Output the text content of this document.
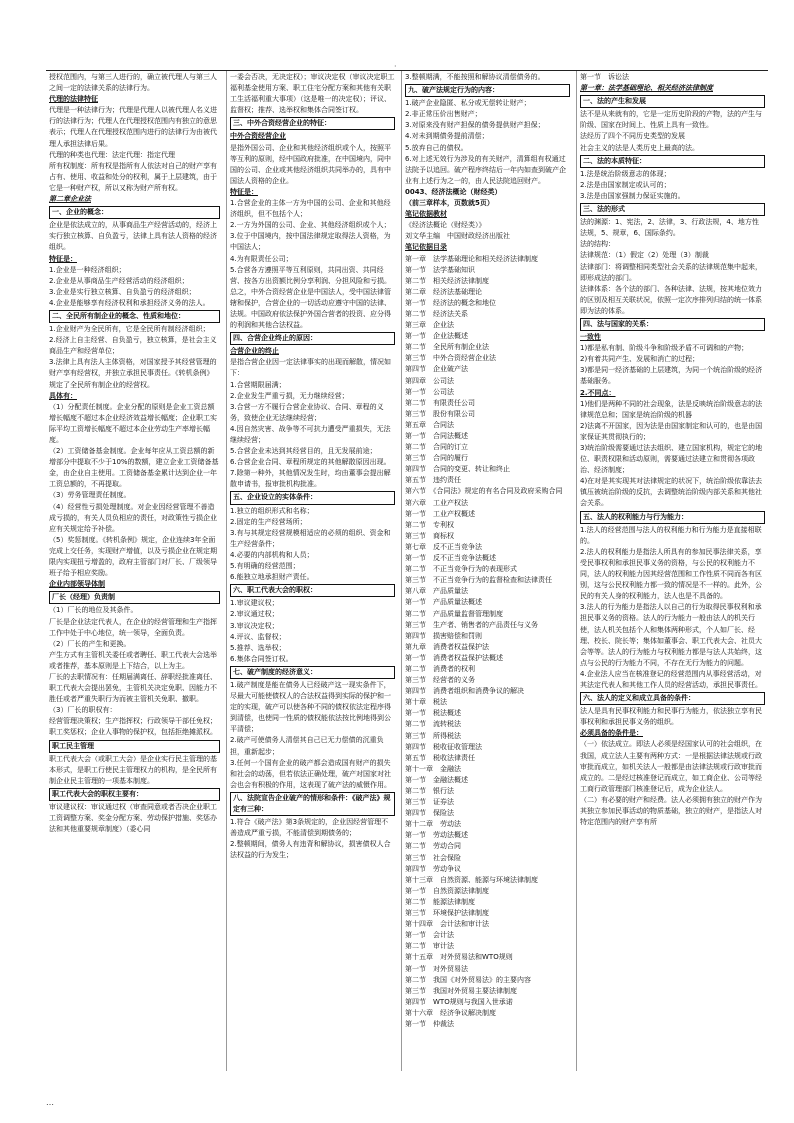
·

授权范围内，与第三人进行的，确立被代理人与第三人之间一定的法律关系的法律行为。

代理的法律特征

代理是一种法律行为；代理是代理人以被代理人名义进行的法律行为；代理人在代理授权范围内有独立的意思表示；代理人在代理授权范围内进行的法律行为由被代理人承担法律后果。

代理的种类也代理：法定代理：指定代理

所有权制度：所有权是指所有人依法对自己的财产享有占有、使用、收益和处分的权利，属于上层建筑，由于它是一种财产权，所以又称为财产所有权。

第二章企业法

一、企业的概念：

企业是依法成立的，从事商品生产经营活动的，经济上实行独立核算、自负盈亏，法律上具有法人资格的经济组织。

特征是：

1.企业是一种经济组织；

2.企业是从事商品生产经营活动的经济组织；

3.企业是实行独立核算、自负盈亏的经济组织；

4.企业是能够享有经济权利和承担经济义务的法人。

二、全民所有制企业的概念、性质和地位：

1.企业财产为全民所有，它是全民所有制经济组织；

2.经济上自主经营、自负盈亏，独立核算，是社会主义商品生产和经营单位；

3.法律上具有法人主体资格，对国家授予其经营管理的财产享有经营权，并独立承担民事责任。《转机条例》规定了全民所有制企业的经营权。

具体有：

（1）分配责任制度。企业分配的原则是企业工资总额增长幅度不超过本企业经济效益增长幅度；企业职工实际平均工资增长幅度不超过本企业劳动生产率增长幅度。

（2）工资储备基金制度。企业每年应从工资总额的新增部分中提取不少于10%的数额，建立企业工资储备基金，由企业自主使用。工资储备基金累计达到企业一年工资总额的，不再提取。

（3）劳务管理责任制度。

（4）经营性亏损处理制度。对企业因经营管理不善造成亏损的，有关人员负相应的责任，对政策性亏损企业应有关规定给予补偿。

（5）奖惩制度。《转机条例》规定，企业连续3年全面完成上交任务，实现财产增值，以及亏损企业在规定期限内实现扭亏增盈的，政府主管部门对厂长、厂级领导班子给予相应奖励。

企业内部领导体制

厂长（经理）负责制

（1）厂长的地位及其条件。

厂长是企业法定代表人，在企业的经营管理和生产指挥工作中处于中心地位，统一领导，全面负责。

（2）厂长的产生和更换。

产生方式有主管机关委任或者聘任、职工代表大会选举或者推荐，基本原则是上下结合，以上为主。

厂长的去职情况有：任期届满离任、辞职经批准离任、职工代表大会提出罢免，主管机关决定免职、因能力不胜任或者严重失职行为而被主管机关免职、撤职。

（3）厂长的职权有：

经营管理决策权；生产指挥权；行政领导干部任免权；职工奖惩权；企业人事物的保护权，包括拒绝摊派权。

职工民主管理

职工代表大会（或职工大会）是企业实行民主管理的基本形式，是职工行使民主管理权力的机构，是全民所有制企业民主管理的一项基本制度。

职工代表大会的职权主要有：

审议建议权：审议通过权（审查同意或者否决企业职工工资调整方案、奖金分配方案、劳动保护措施、奖惩办法和其他重要规章制度）（委心同

一委会否决，无决定权）；审议决定权（审议决定职工福利基金使用方案、职工住宅分配方案和其他有关职工生活福利重大事项）（这是唯一的决定权）；评议、监督权；推荐、选举权和集体合同签订权。

三、中外合资经营企业的特征：

中外合资经营企业

是指外国公司、企业和其他经济组织或个人，按照平等互利的原则，经中国政府批准，在中国境内，同中国的公司、企业或其他经济组织共同举办的，具有中国法人资格的企业。

特征是：

1.合营企业的主体一方为中国的公司、企业和其他经济组织，但不包括个人；

2.一方为外国的公司、企业、其他经济组织或个人；

3.位于中国境内，按中国法律规定取得法人资格，为中国法人；

4.为有限责任公司；

5.合营各方遵照平等互利原则，共同出资、共同经营、按各方出资额比例分享利润、分担风险和亏损。

总之，中外合资经营企业是中国法人，受中国法律管辖和保护，合营企业的一切活动应遵守中国的法律、法规。中国政府依法保护外国合营者的投资、应分得的利润和其他合法权益。

四、合营企业终止的原因：

合营企业的终止

是指合营企业因一定法律事实的出现而解散，情况如下：

1.合营期限届满；

2.企业发生严重亏损，无力继续经营；

3.合营一方不履行合营企业协议、合同、章程的义务，致使企业无法继续经营；

4.因自然灾害、战争等不可抗力遭受严重损失，无法继续经营；

5.合营企业未达到其经营目的，且无发展前途；

6.合营企业合同、章程所规定的其他解散原因出现。

7.除第一种外，其他情况发生时，均由董事会提出解散申请书，报审批机构批准。

五、企业设立的实体条件：

1.独立的组织形式和名称；

2.固定的生产经营场所；

3.有与其规定经营规模相适应的必须的组织、资金和生产经营条件；

4.必要的内部机构和人员；

5.有明确的经营范围；

6.能独立地承担财产责任。

六、职工代表大会的职权：

1.审议建议权；

2.审议通过权；

3.审议决定权；

4.评议、监督权；

5.推荐、选举权；

6.集体合同签订权。

七、破产制度的经济意义：

1.破产制度是能在债务人已经破产这一现实条件下，尽最大可能使债权人的合法权益得到实际的保护和一定的实现，破产可以使各种不同的债权依法定程序得到清偿，也使同一性质的债权能依法按比例地得到公平清偿；

2.破产可使债务人清偿其自己已无力偿债的沉重负担，重新起步；

3.任何一个国有企业的破产都会造成国有财产的损失和社会的动荡，但若依法正确处理，破产对国家对社会也会有积极的作用，这表现了破产法的威慑作用。

八、法院宣告企业破产的情形和条件：《破产法》规定有三种：

1.符合《破产法》第3条规定的，企业因经营管理不善造成严重亏损，不能清偿到期债务的；

2.整顿期间，债务人有违背和解协议，损害债权人合法权益的行为发生；

3.整顿期满，不能按照和解协议清偿债务的。

九、破产法规定行为的内容：

1.破产企业隐匿、私分或无偿转让财产；

2.非正常压价出售财产；

3.对原来没有财产担保的债务提供财产担保；

4.对未到期债务提前清偿；

5.放弃自己的债权。

6.对上述无效行为涉及的有关财产，清算组有权通过法院予以追回。破产程序终结后一年内如查到破产企业有上述行为之一的，由人民法院追回财产。

0043、经济法概论（财经类）

（前三章样本，页数就5页）

笔记依据教材

《经济法概论（财经类）》

刘文华主编　中国财政经济出版社

笔记依据目录

第一章　法学基础理论和相关经济法律制度

第一节　法学基础知识

第二节　相关经济法律制度

第二章　经济法基础理论

第一节　经济法的概念和地位

第二节　经济法关系

第三章　企业法

第一节　企业法概述

第二节　全民所有制企业法

第三节　中外合资经营企业法

第四节　企业破产法

第四章　公司法

第一节　公司法

第二节　有限责任公司

第三节　股份有限公司

第五章　合同法

第一节　合同法概述

第二节　合同的订立

第三节　合同的履行

第四节　合同的变更、转让和终止

第五节　违约责任

第六节　《合同法》规定的有名合同及政府采购合同

第六章　工业产权法

第一节　工业产权概述

第二节　专利权

第三节　商标权

第七章　反不正当竞争法

第一节　反不正当竞争法概述

第二节　不正当竞争行为的表现形式

第三节　不正当竞争行为的监督检查和法律责任

第八章　产品质量法

第一节　产品质量法概述

第二节　产品质量监督管理制度

第三节　生产者、销售者的产品责任与义务

第四节　损害赔偿和罚则

第九章　消费者权益保护法

第一节　消费者权益保护法概述

第二节　消费者的权利

第三节　经营者的义务

第四节　消费者组织和消费争议的解决

第十章　税法

第一节　税法概述

第二节　流转税法

第三节　所得税法

第四节　税收征收管理法

第五节　税收法律责任

第十一章　金融法

第一节　金融法概述

第二节　银行法

第三节　证券法

第四节　保险法

第十二章　劳动法

第一节　劳动法概述

第二节　劳动合同

第三节　社会保险

第四节　劳动争议

第十三章　自然资源、能源与环境法律制度

第一节　自然资源法律制度

第二节　能源法律制度

第三节　环境保护法律制度

第十四章　会计法和审计法

第一节　会计法

第二节　审计法

第十五章　对外贸易法和WTO规则

第一节　对外贸易法

第二节　我国《对外贸易法》的主要内容

第三节　我国对外贸易主要法律制度

第四节　WTO规则与我国入世承诺

第十六章　经济争议解决制度

第一节　仲裁法

第一节　诉讼法

第一章：法学基础理论、相关经济法律制度

一、法的产生和发展

法不是从来就有的，它是一定历史阶段的产物，法的产生与阶级、国家在时间上、性质上具有一致性。

法经历了四个不同历史类型的发展

社会主义的法是人类历史上最高的法。

二、法的本质特征：

1.法是统治阶级意志的体现；

2.法是由国家制定或认可的；

3.法是由国家强制力保证实施的。

三、法的形式

法的渊源：1、宪法，2、法律，3、行政法规，4、地方性法规，5、规章，6、国际条约。

法的结构：

法律规范：（1）假定（2）处理（3）制裁

法律部门：将调整相同类型社会关系的法律规范集中起来，即形成法的部门。

法律体系：各个法的部门、各种法律、法规，按其地位效力的区别及相互关联状况，依照一定次序排列归结的统一体系即为法的体系。

四、法与国家的关系：

一致性

1)都是私有制、阶级斗争和阶级矛盾不可调和的产物；

2)有着共同产生、发展和消亡的过程；

3)都是同一经济基础的上层建筑，为同一个统治阶级的经济基础服务。

2.不同点：

1)他们是两种不同的社会现象，法是反映统治阶级意志的法律规范总和；国家是统治阶级的机器

2)法离不开国家，因为法是由国家制定和认可的，也是由国家保证其贯彻执行的；

3)统治阶级需要通过法去组织、建立国家机构，规定它的地位、职责权限和活动原则，需要通过法建立和贯彻各项政治、经济制度；

4)在对是其实现其对法律规定的状况下，统治阶级依靠法去镇压被统治阶级的反抗，去调整统治阶级内部关系和其他社会关系。

五、法人的权利能力与行为能力：

1.法人的经营范围与法人的权利能力和行为能力是直接相联的。

2.法人的权利能力是指法人所具有的参加民事法律关系，享受民事权利和承担民事义务的资格，与公民的权利能力不同，法人的权利能力因其经营范围和工作性质不同而各有区别，这与公民权利能力都一致的情况是不一样的。此外，公民的有关人身的权利能力，法人也是不具备的。

3.法人的行为能力是指法人以自己的行为取得民事权利和承担民事义务的资格。法人的行为能力一般由法人的机关行使，法人机关包括个人和集体两种形式，个人如厂长、经理、校长、院长等；集体如董事会、职工代表大会、社员大会等等。法人的行为能力与权利能力都是与法人共始终，这点与公民的行为能力不同，不存在无行为能力的问题。

4.企业法人应当在核准登记的经营范围内从事经营活动，对其法定代表人和其他工作人员的经营活动，承担民事责任。

六、法人的定义和成立具备的条件：

法人是具有民事权利能力和民事行为能力，依法独立享有民事权利和承担民事义务的组织。

必须具备的条件是：

（一）依法成立。即法人必须是经国家认可的社会组织，在我国，成立法人主要有两种方式：一是根据法律法规或行政审批而成立，如机关法人一般都是由法律法规或行政审批而成立的。二是经过核准登记而成立，如工商企业、公司等经工商行政管理部门核准登记后，成为企业法人。

（二）有必要的财产和经费。法人必须拥有独立的财产作为其独立参加民事活动的物质基础，独立的财产，是指法人对特定范围内的财产享有所

…
